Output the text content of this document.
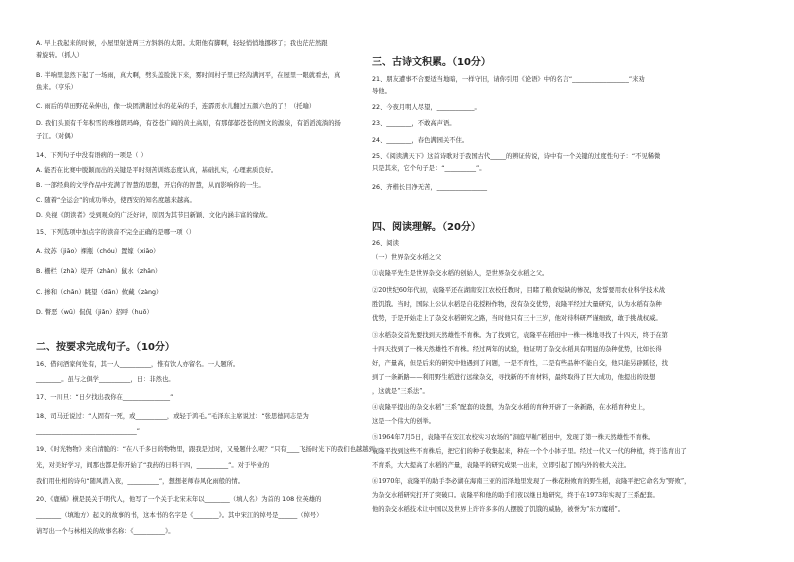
A. 早上我起来的时候，小屋里射进两三方斜斜的太阳。太阳他有脚啊，轻轻悄悄地挪移了；我也茫茫然跟
着旋转。（抓人）
B. 半响里忽然下起了一场雨，真大啊，劈头盖脸洗下来，雾时间村子里已经沟满河平，在屋里一眼就看去，真
鱼来。（亨乐）
C. 雨后的草田野花朵伸出，像一块团满谢过水的花朵的手，连霹雳水儿翻过五颜六色的了！（托喻）
D. 我们头顶有千年积雪的珠穆朗玛峰，有苍苍广阔的黄土高原，有那郁郁苍苍的图文的源泉，有滔滔流淌的扬
子江。（对偶）
14、下列句子中没有语病的一项是（ ）
A. 能否在比赛中脱颖而出的关键是平时刻苦训练态度认真，基础扎实，心理素质良好。
B. 一部经典的文学作品中充满了智慧的思想，开启你的智慧，从而影响你的一生。
C. 随着“全运会”的成功举办，使西安的知名度越来越高。
D. 央视《朗读者》受到观众的广泛好评，原因为其节目新颖、文化内涵丰富的缘故。
15、下列选项中加点字的读音不完全正确的是哪一项（）
A. 纹苏（jiāo）裸瓶（chóu）置嫁（xiāo）
B. 栅栏（zhà）堤开（zhàn）鼠水（zhān）
C. 掺和（chān）眺望（dān）攸藏（zàng）
D. 瞥恶（wū）侃侃（jiǎn）招呼（huō）
二、按要求完成句子。（10分）
16、借问酒家何处有，其一人__________，惟有饮人亦留名。一人题所。
________。虽与之俱学__________，日：非然也。
17、一川旦：“日夕找出我你在_______________”
18、司马迁说过：“人固有一死，或__________，或轻于鸿毛。”毛泽东主席说过：“张思德同志是为
________________________________”
19、《时光物物》来自清脆的：“在八千多日的物物里，跟我是过时，又曼题什么呢？”只有____飞扬时光下的我们也越越到，
光，对美好学习，间那也都是你开始了“我药的日料干四，__________”。对于毕业的
我们用仕相的诗句“随风潜入夜，__________”，想想老师春风化雨般的情。
20、《鹿橘》横是民关于明代人，他写了一个关于北宋末年以________（填人名）为首的 108 位英雄的
________（填地方）起义的故事的书，这本书的名字是《________》。其中宋江的绰号是______（绰号）
请写出一个与林相关的故事名称：《__________》。
三、古诗文积累。（10分）
21、朋友遭事不合要适当地暗，一样守旧，请你引用《论语》中的名言“__________________”来劝
导他。
22、今夜月明人尽望，____________。
23、________，不敢高声语。
24、________，春色满园关不住。
25、《阅读满天下》这首诗歌对于我国古代_____的辨证传说，诗中有一个关键的过度性句子：“不见稀微
只是其来，它个句子是：“__________”。
26、齐楷长目净无苦，________________
四、阅读理解。（20分）
26、阅读
（一）世界杂交水稻之父
①袁隆平先生是世界杂交水稻的创始人，是世界杂交水稻之父。
②20世纪60年代初，袁隆平还在湖南安江农校任教时，目睹了粮食短缺的惨况，发誓要用农业科学技术战
胜饥饿。当时，国际上公认水稻是自花授粉作物，没有杂交优势，袁隆平经过大量研究，认为水稻有杂种
优势，于是开始走上了杂交水稻研究之路，当时他只有三十三岁，他对待科研严谨细致，敢于挑战权威。
③水稻杂交首先要找到天然雄性不育株。为了找到它，袁隆平在稻田中一株一株地寻找了十四天，终于在第
十四天找到了一株天然雄性不育株。经过两年的试验，他证明了杂交水稻具有明显的杂种优势，比如长得
好，产量高，但是后来的研究中他遇到了问题，一是不育性，二是有些品种不能自交，他只能另辟蹊径，找
到了一条新路——利用野生稻进行远缘杂交，寻找新的不育材料，最终取得了巨大成功，他提出的设想
，这就是“三系法”。
④袁隆平提出的杂交水稻“三系”配套的设想，为杂交水稻的育种开辟了一条新路，在水稻育种史上，
这是一个伟大的创举。
⑤1964年7月5日，袁隆平在安江农校实习农场的“洞庭早籼”稻田中，发现了第一株天然雄性不育株。
袁隆平找到这些不育株后，把它们的种子收集起来，种在一个个小钵子里。经过一代又一代的种植，终于选育出了
不育系，大大提高了水稻的产量，袁隆平的研究成果一出来，立即引起了国内外的极大关注。
⑥1970年，袁隆平的助手李必湖在海南三亚的沼泽地里发现了一株花粉败育的野生稻，袁隆平把它命名为“野败”，
为杂交水稻研究打开了突破口。袁隆平和他的助手们夜以继日地研究，终于在1973年实现了三系配套。
他的杂交水稻技术让中国以及世界上许许多多的人摆脱了饥饿的威胁，被誉为“东方魔稻”。
